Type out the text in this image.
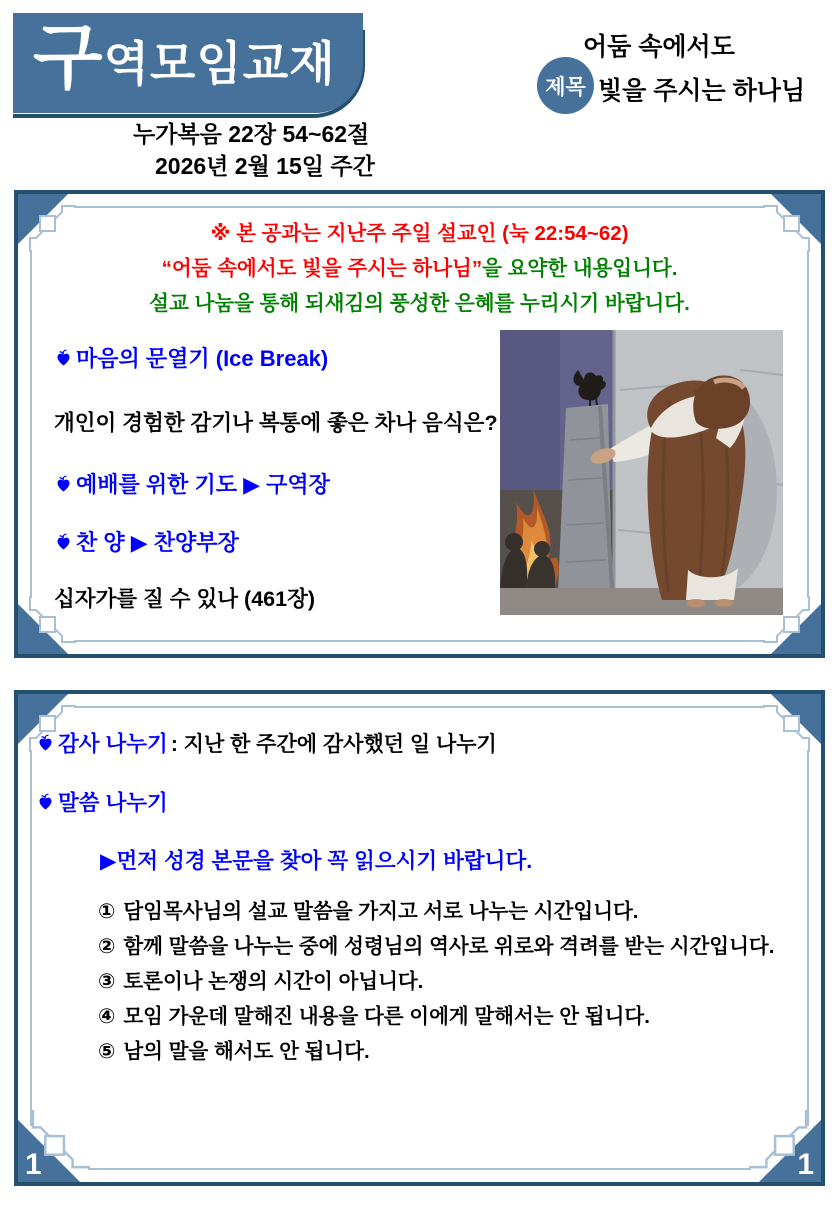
구 역모임교재
누가복음 22장 54~62절
2026년 2월 15일 주간
제목
어둠 속에서도
빛을 주시는 하나님
※ 본 공과는 지난주 주일 설교인 (눅 22:54~62)
“어둠 속에서도 빛을 주시는 하나님”을 요약한 내용입니다.
설교 나눔을 통해 되새김의 풍성한 은혜를 누리시기 바랍니다.
마음의 문열기 (Ice Break)
개인이 경험한 감기나 복통에 좋은 차나 음식은?
예배를 위한 기도 ▶ 구역장
찬 양 ▶ 찬양부장
십자가를 질 수 있나 (461장)
1	1
감사 나누기 : 지난 한 주간에 감사했던 일 나누기
말씀 나누기
▶먼저 성경 본문을 찾아 꼭 읽으시기 바랍니다.
① 담임목사님의 설교 말씀을 가지고 서로 나누는 시간입니다.
② 함께 말씀을 나누는 중에 성령님의 역사로 위로와 격려를 받는 시간입니다.
③ 토론이나 논쟁의 시간이 아닙니다.
④ 모임 가운데 말해진 내용을 다른 이에게 말해서는 안 됩니다.
⑤ 남의 말을 해서도 안 됩니다.
